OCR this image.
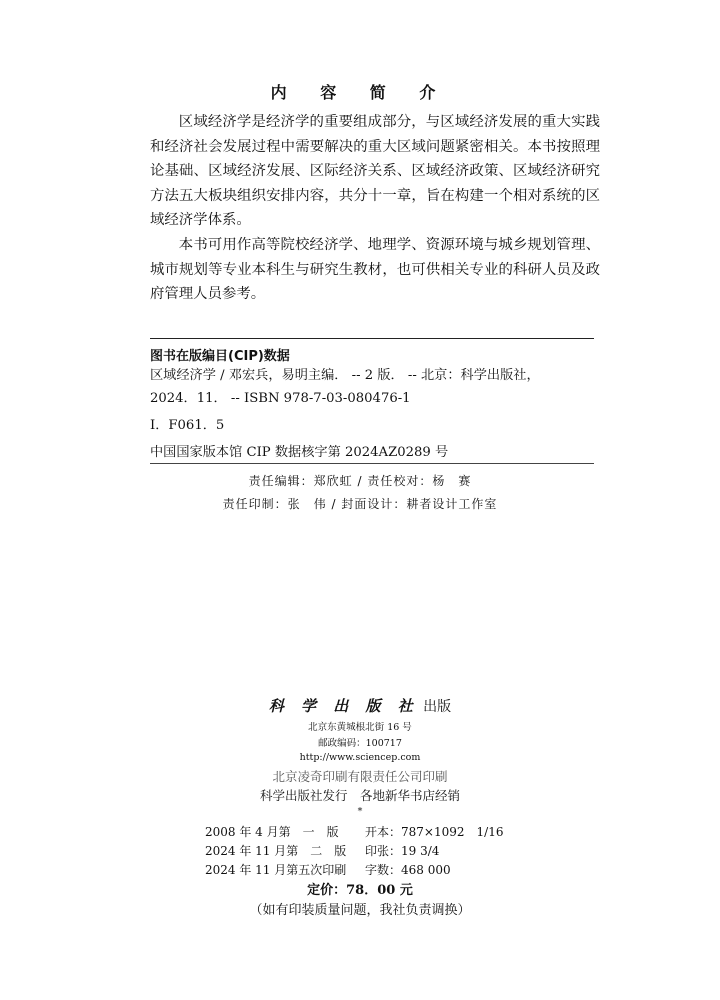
内 容 简 介

区域经济学是经济学的重要组成部分，与区域经济发展的重大实践和经济社会发展过程中需要解决的重大区域问题紧密相关。本书按照理论基础、区域经济发展、区际经济关系、区域经济政策、区域经济研究方法五大板块组织安排内容，共分十一章，旨在构建一个相对系统的区域经济学体系。

本书可用作高等院校经济学、地理学、资源环境与城乡规划管理、城市规划等专业本科生与研究生教材，也可供相关专业的科研人员及政府管理人员参考。

图书在版编目(CIP)数据
区域经济学 / 邓宏兵，易明主编． -- 2 版． -- 北京：科学出版社，
2024．11． -- ISBN 978-7-03-080476-1
Ⅰ．F061．5
中国国家版本馆 CIP 数据核字第 2024AZ0289 号
责任编辑：郑欣虹 / 责任校对：杨　赛
责任印制：张　伟 / 封面设计：耕者设计工作室
科 学 出 版 社 出版
北京东黄城根北街 16 号
邮政编码：100717
http://www.sciencep.com
北京凌奇印刷有限责任公司印刷
科学出版社发行　各地新华书店经销
*
2008 年 4 月第　一　版 开本：787×1092　1/16
2024 年 11 月第　二　版 印张：19 3/4
2024 年 11 月第五次印刷 字数：468 000
定价：78．00 元
（如有印装质量问题，我社负责调换）
